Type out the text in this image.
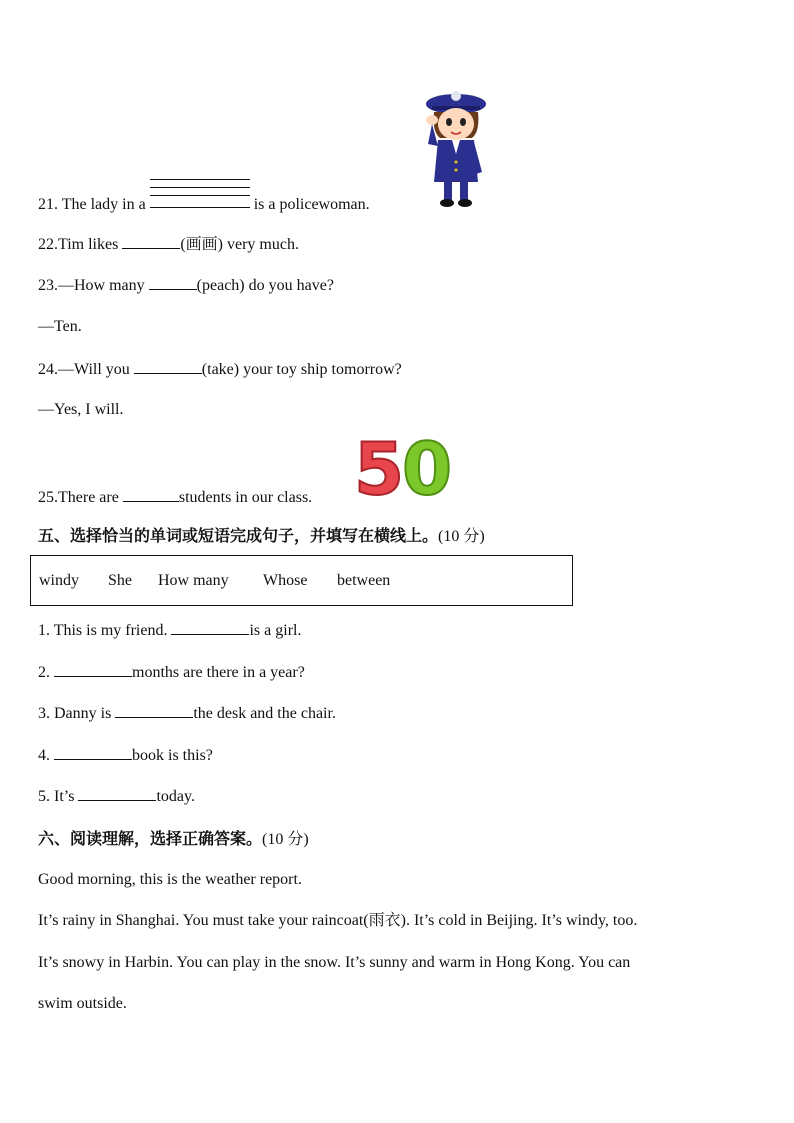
21. The lady in a	is a policewoman.
22.Tim likes	(画画) very much.
23.—How many	(peach) do you have?
—Ten.
24.—Will you	(take) your toy ship tomorrow?
—Yes, I will.
25.There are	students in our class. 5
0
五、选择恰当的单词或短语完成句子，并填写在横线上。(10 分)
windy She How many Whose between
1. This is my friend.	is a girl.
2.	months are there in a year?
3. Danny is	the desk and the chair.
4.	book is this?
5. It’s	today.
六、阅读理解，选择正确答案。(10 分)
Good morning, this is the weather report.
It’s rainy in Shanghai. You must take your raincoat(雨衣). It’s cold in Beijing. It’s windy, too.
It’s snowy in Harbin. You can play in the snow. It’s sunny and warm in Hong Kong. You can
swim outside.
